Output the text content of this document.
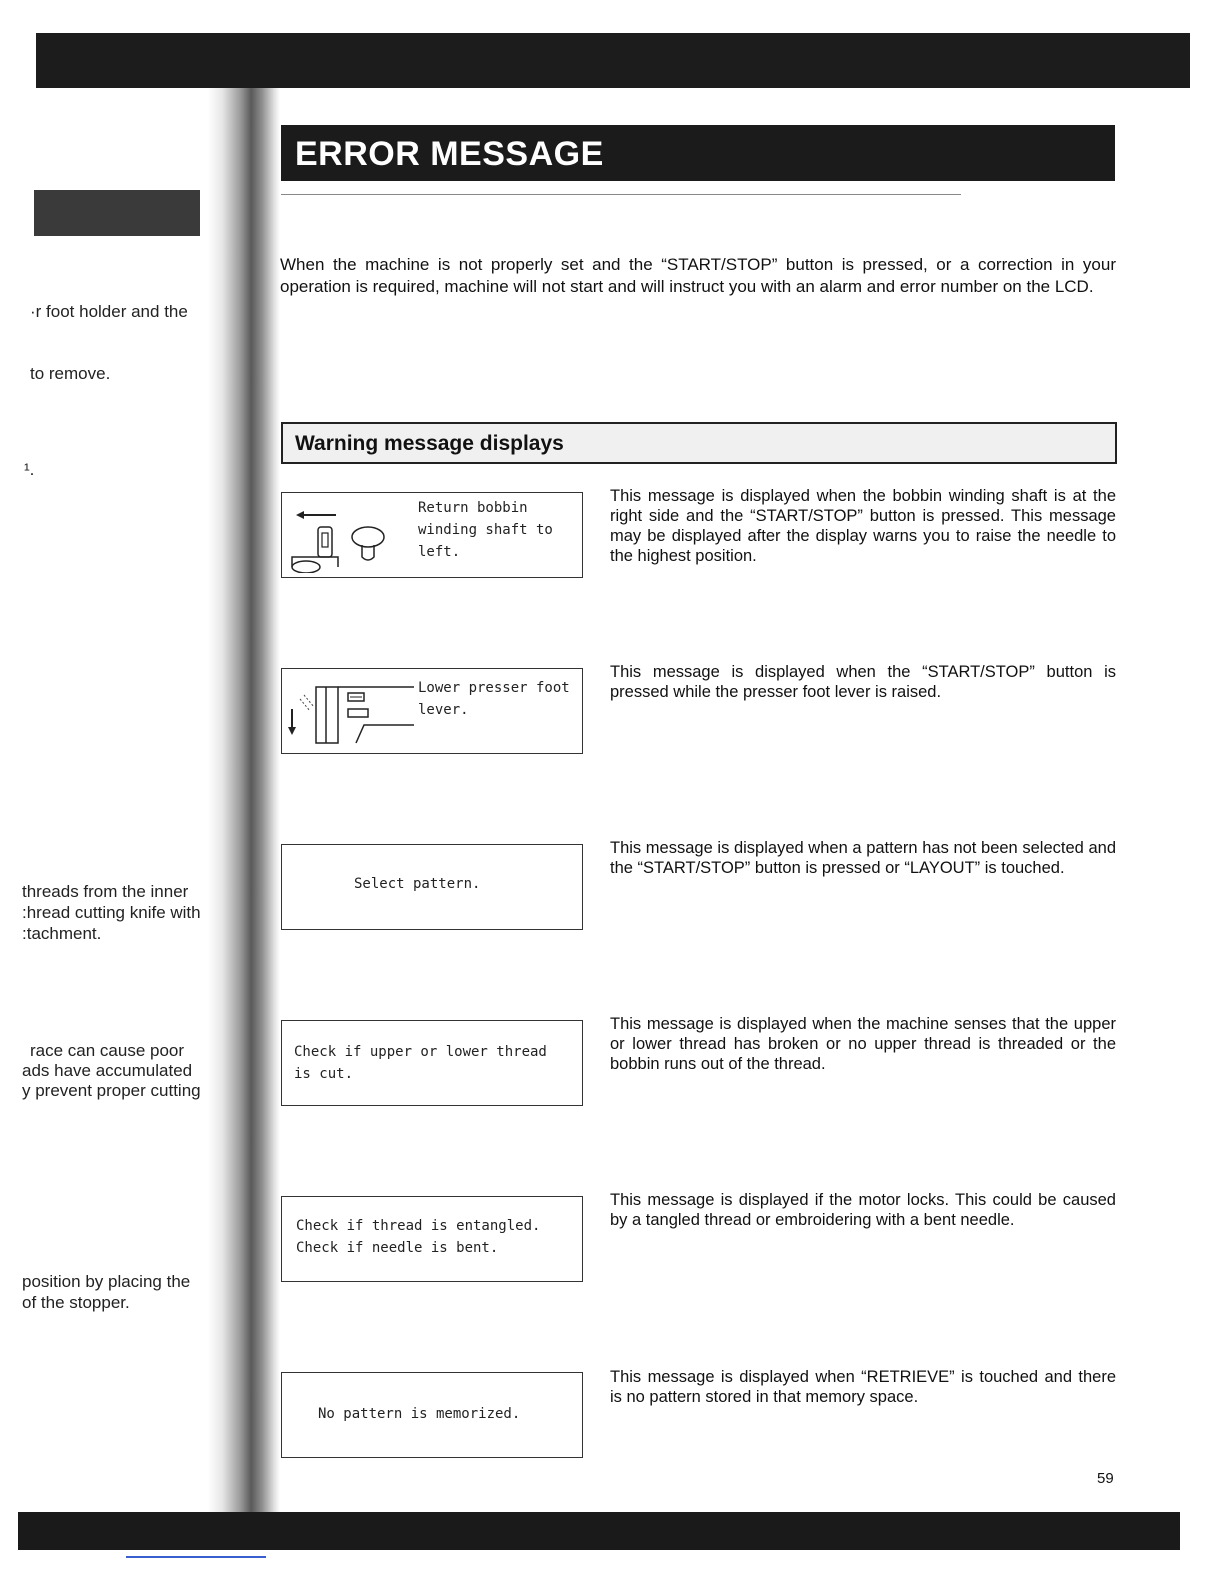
·r foot holder and the
to remove.
¹.
threads from the inner
:hread cutting knife with
:tachment.
race can cause poor
ads have accumulated
y prevent proper cutting
position by placing the
of the stopper.
ERROR MESSAGE
When the machine is not properly set and the “START/STOP” button is pressed, or a correction in your operation is required, machine will not start and will instruct you with an alarm and error number on the LCD.
Warning message displays
Return bobbin
winding shaft to
left.
This message is displayed when the bobbin winding shaft is at the right side and the “START/STOP” button is pressed. This message may be displayed after the display warns you to raise the needle to the highest position.
Lower presser foot
lever.
This message is displayed when the “START/STOP” button is pressed while the presser foot lever is raised.
Select pattern.
This message is displayed when a pattern has not been selected and the “START/STOP” button is pressed or “LAYOUT” is touched.
Check if upper or lower thread
is cut.
This message is displayed when the machine senses that the upper or lower thread has broken or no upper thread is threaded or the bobbin runs out of the thread.
Check if thread is entangled.
Check if needle is bent.
This message is displayed if the motor locks. This could be caused by a tangled thread or embroidering with a bent needle.
No pattern is memorized.
This message is displayed when “RETRIEVE” is touched and there is no pattern stored in that memory space.
59
